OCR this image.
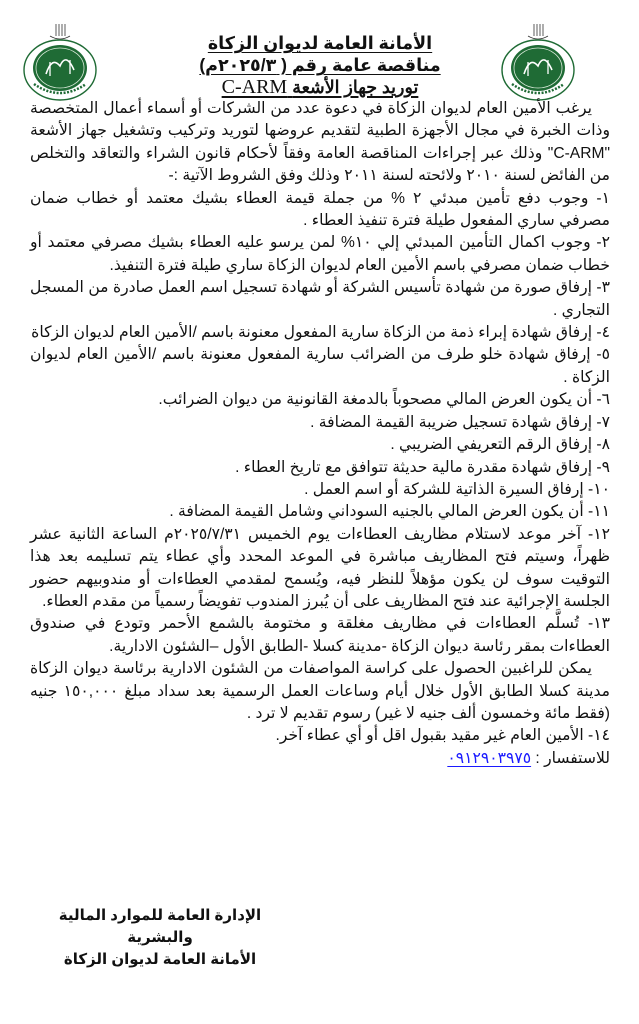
الأمانة العامة لديوان الزكاة
مناقصة عامة رقم ( ٢٠٢٥/٣م)
توريد جهاز الأشعة C-ARM

يرغب الأمين العام لديوان الزكاة في دعوة عدد من الشركات أو أسماء أعمال المتخصصة وذات الخبرة في مجال الأجهزة الطبية لتقديم عروضها لتوريد وتركيب وتشغيل جهاز الأشعة "C-ARM" وذلك عبر إجراءات المناقصة العامة وفقاً لأحكام قانون الشراء والتعاقد والتخلص من الفائض لسنة ٢٠١٠ ولائحته لسنة ٢٠١١ وذلك وفق الشروط الآتية :-

١- وجوب دفع تأمين مبدئي ٢ % من جملة قيمة العطاء بشيك معتمد أو خطاب ضمان مصرفي ساري المفعول طيلة فترة تنفيذ العطاء .

٢- وجوب اكمال التأمين المبدئي إلي ١٠% لمن يرسو عليه العطاء بشيك مصرفي معتمد أو خطاب ضمان مصرفي باسم الأمين العام لديوان الزكاة ساري طيلة فترة التنفيذ.

٣- إرفاق صورة من شهادة تأسيس الشركة أو شهادة تسجيل اسم العمل صادرة من المسجل التجاري .

٤- إرفاق شهادة إبراء ذمة من الزكاة سارية المفعول معنونة باسم /الأمين العام لديوان الزكاة

٥- إرفاق شهادة خلو طرف من الضرائب سارية المفعول معنونة باسم /الأمين العام لديوان الزكاة .

٦- أن يكون العرض المالي مصحوباً بالدمغة القانونية من ديوان الضرائب.

٧- إرفاق شهادة تسجيل ضريبة القيمة المضافة .

٨- إرفاق الرقم التعريفي الضريبي .

٩- إرفاق شهادة مقدرة مالية حديثة تتوافق مع تاريخ العطاء .

١٠- إرفاق السيرة الذاتية للشركة أو اسم العمل .

١١- أن يكون العرض المالي بالجنيه السوداني وشامل القيمة المضافة .

١٢- آخر موعد لاستلام مظاريف العطاءات يوم الخميس ٢٠٢٥/٧/٣١م الساعة الثانية عشر ظهراً، وسيتم فتح المظاريف مباشرة في الموعد المحدد وأي عطاء يتم تسليمه بعد هذا التوقيت سوف لن يكون مؤهلاً للنظر فيه، ويُسمح لمقدمي العطاءات أو مندوبيهم حضور الجلسة الإجرائية عند فتح المظاريف على أن يُبرز المندوب تفويضاً رسمياً من مقدم العطاء.

١٣- تُسلَّم العطاءات في مظاريف مغلقة و مختومة بالشمع الأحمر وتودع في صندوق العطاءات بمقر رئاسة ديوان الزكاة -مدينة كسلا -الطابق الأول –الشئون الادارية.

يمكن للراغبين الحصول على كراسة المواصفات من الشئون الادارية برئاسة ديوان الزكاة مدينة كسلا الطابق الأول خلال أيام وساعات العمل الرسمية بعد سداد مبلغ ١٥٠,٠٠٠ جنيه (فقط مائة وخمسون ألف جنيه لا غير) رسوم تقديم لا ترد .

١٤- الأمين العام غير مقيد بقبول اقل أو أي عطاء آخر.

للاستفسار : ٠٩١٢٩٠٣٩٧٥

الإدارة العامة للموارد المالية والبشرية
الأمانة العامة لديوان الزكاة
